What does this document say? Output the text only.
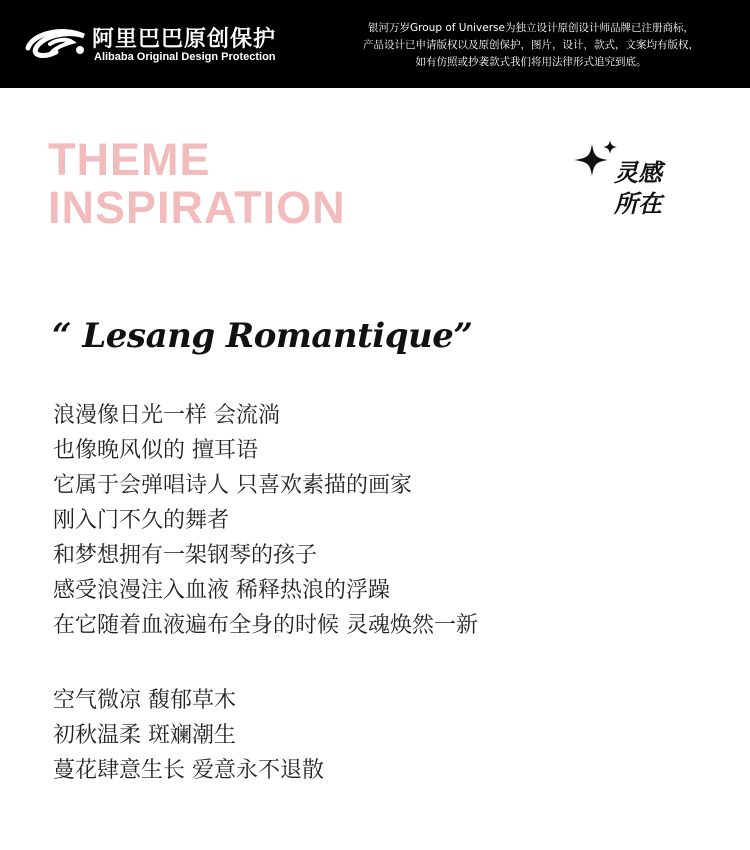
阿里巴巴原创保护
Alibaba Original Design Protection
银河万岁Group of Universe为独立设计原创设计师品牌已注册商标，
产品设计已申请版权以及原创保护，图片，设计，款式，文案均有版权，
如有仿照或抄袭款式我们将用法律形式追究到底。
THEME
INSPIRATION
灵感
所在
“ Lesang Romantique”
浪漫像日光一样 会流淌
也像晚风似的 擅耳语
它属于会弹唱诗人 只喜欢素描的画家
刚入门不久的舞者
和梦想拥有一架钢琴的孩子
感受浪漫注入血液 稀释热浪的浮躁
在它随着血液遍布全身的时候 灵魂焕然一新
空气微凉 馥郁草木
初秋温柔 斑斓潮生
蔓花肆意生长 爱意永不退散
